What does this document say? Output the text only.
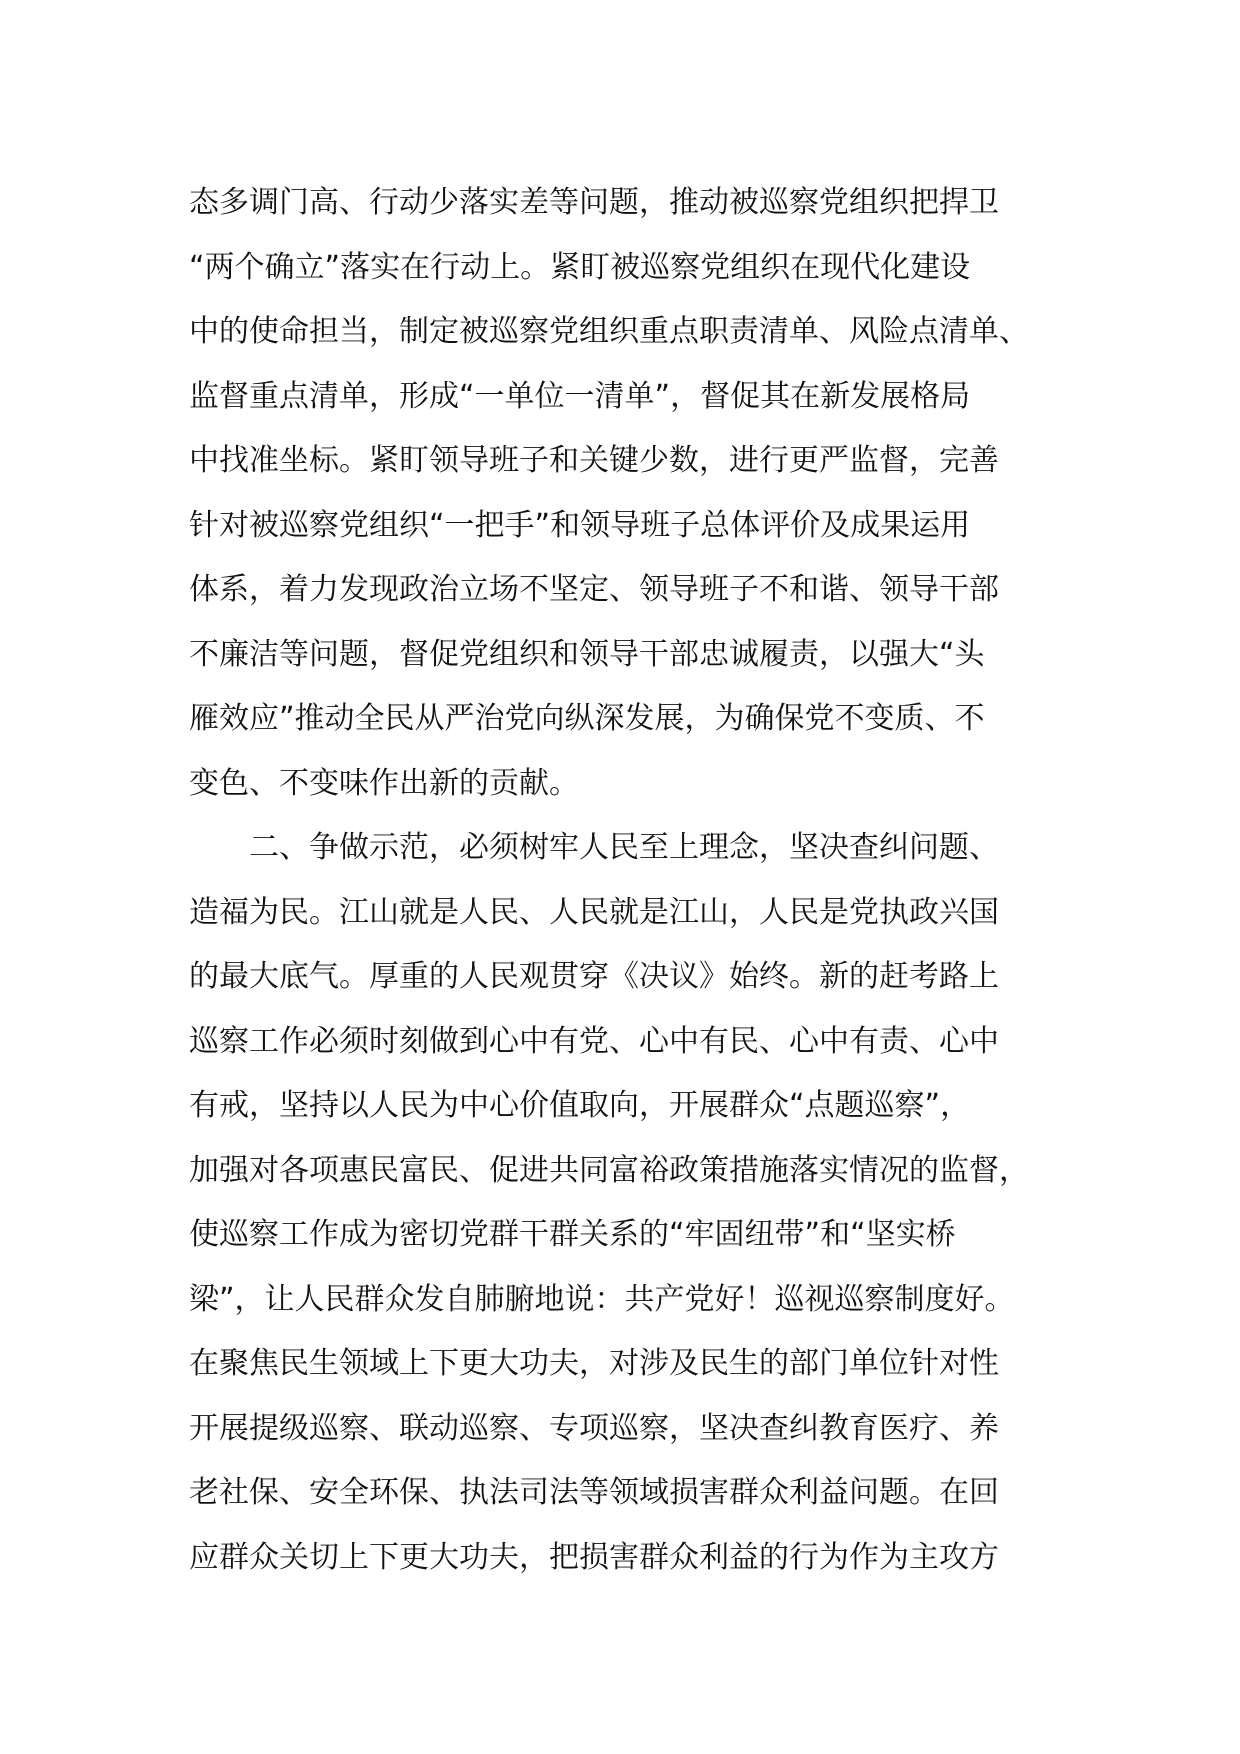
态多调门高、行动少落实差等问题，推动被巡察党组织把捍卫
“两个确立”落实在行动上。紧盯被巡察党组织在现代化建设
中的使命担当，制定被巡察党组织重点职责清单、风险点清单、
监督重点清单，形成“一单位一清单”，督促其在新发展格局
中找准坐标。紧盯领导班子和关键少数，进行更严监督，完善
针对被巡察党组织“一把手”和领导班子总体评价及成果运用
体系，着力发现政治立场不坚定、领导班子不和谐、领导干部
不廉洁等问题，督促党组织和领导干部忠诚履责，以强大“头
雁效应”推动全民从严治党向纵深发展，为确保党不变质、不
变色、不变味作出新的贡献。
二、争做示范，必须树牢人民至上理念，坚决查纠问题、
造福为民。江山就是人民、人民就是江山，人民是党执政兴国
的最大底气。厚重的人民观贯穿《决议》始终。新的赶考路上
巡察工作必须时刻做到心中有党、心中有民、心中有责、心中
有戒，坚持以人民为中心价值取向，开展群众“点题巡察”，
加强对各项惠民富民、促进共同富裕政策措施落实情况的监督，
使巡察工作成为密切党群干群关系的“牢固纽带”和“坚实桥
梁”，让人民群众发自肺腑地说：共产党好！巡视巡察制度好。
在聚焦民生领域上下更大功夫，对涉及民生的部门单位针对性
开展提级巡察、联动巡察、专项巡察，坚决查纠教育医疗、养
老社保、安全环保、执法司法等领域损害群众利益问题。在回
应群众关切上下更大功夫，把损害群众利益的行为作为主攻方
